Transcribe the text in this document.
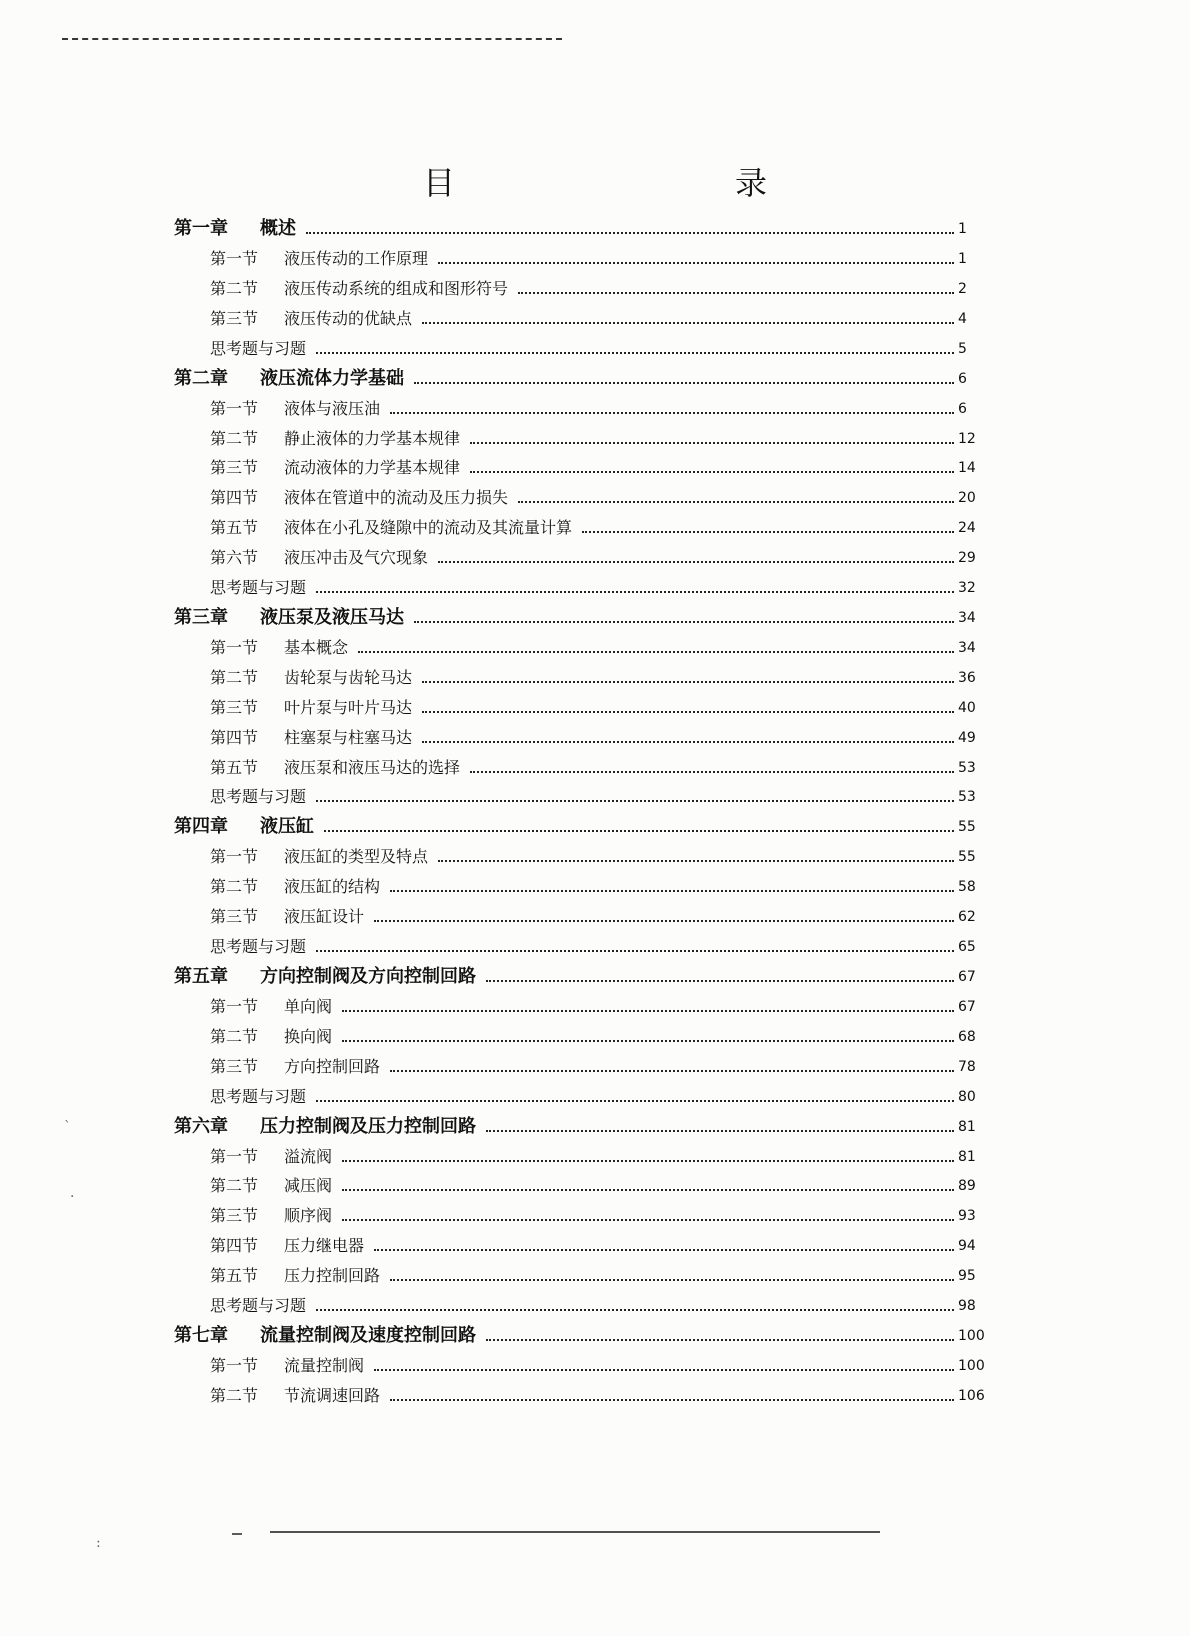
目　　录
第一章	概述	1
第一节	液压传动的工作原理	1
第二节	液压传动系统的组成和图形符号	2
第三节	液压传动的优缺点	4
思考题与习题	5
第二章	液压流体力学基础	6
第一节	液体与液压油	6
第二节	静止液体的力学基本规律	12
第三节	流动液体的力学基本规律	14
第四节	液体在管道中的流动及压力损失	20
第五节	液体在小孔及缝隙中的流动及其流量计算	24
第六节	液压冲击及气穴现象	29
思考题与习题	32
第三章	液压泵及液压马达	34
第一节	基本概念	34
第二节	齿轮泵与齿轮马达	36
第三节	叶片泵与叶片马达	40
第四节	柱塞泵与柱塞马达	49
第五节	液压泵和液压马达的选择	53
思考题与习题	53
第四章	液压缸	55
第一节	液压缸的类型及特点	55
第二节	液压缸的结构	58
第三节	液压缸设计	62
思考题与习题	65
第五章	方向控制阀及方向控制回路	67
第一节	单向阀	67
第二节	换向阀	68
第三节	方向控制回路	78
思考题与习题	80
第六章	压力控制阀及压力控制回路	81
第一节	溢流阀	81
第二节	减压阀	89
第三节	顺序阀	93
第四节	压力继电器	94
第五节	压力控制回路	95
思考题与习题	98
第七章	流量控制阀及速度控制回路	100
第一节	流量控制阀	100
第二节	节流调速回路	106
ˋ
·
:
